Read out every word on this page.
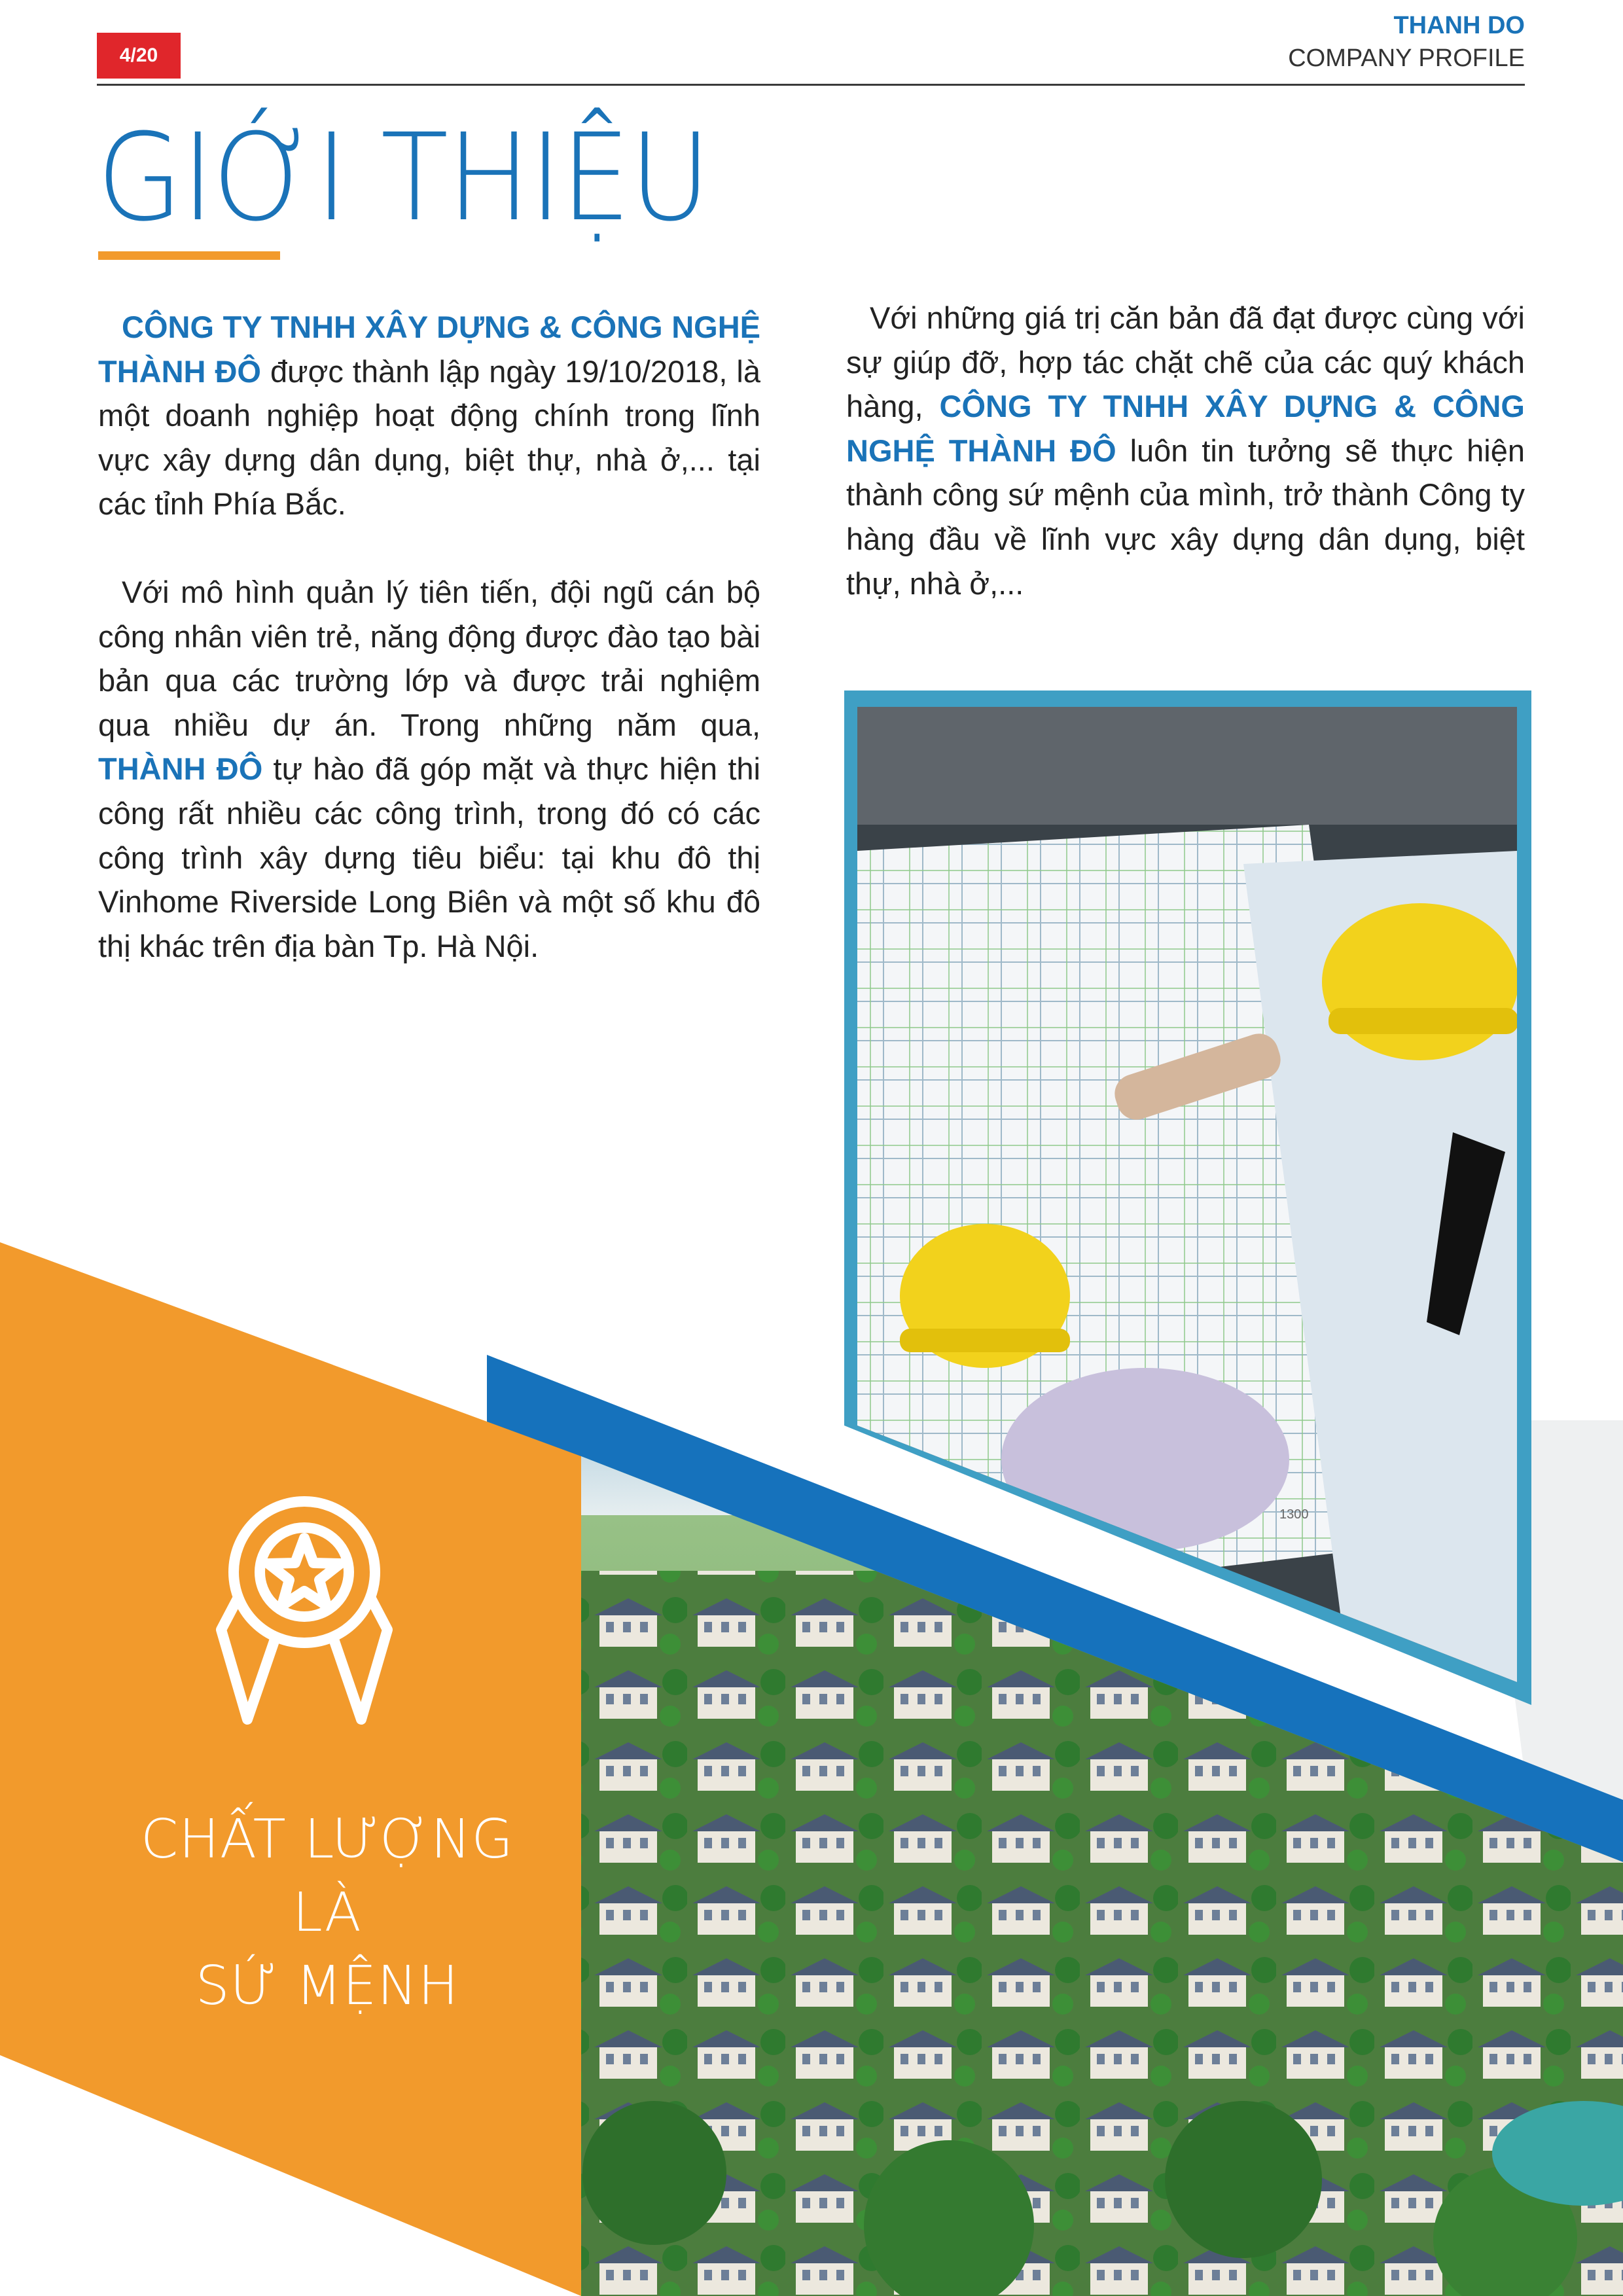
4/20
THANH DO
COMPANY PROFILE
GIỚI THIỆU

CÔNG TY TNHH XÂY DỰNG & CÔNG NGHỆ THÀNH ĐÔ được thành lập ngày 19/10/2018, là một doanh nghiệp hoạt động chính trong lĩnh vực xây dựng dân dụng, biệt thự, nhà ở,... tại các tỉnh Phía Bắc.

Với mô hình quản lý tiên tiến, đội ngũ cán bộ công nhân viên trẻ, năng động được đào tạo bài bản qua các trường lớp và được trải nghiệm qua nhiều dự án. Trong những năm qua, THÀNH ĐÔ tự hào đã góp mặt và thực hiện thi công rất nhiều các công trình, trong đó có các công trình xây dựng tiêu biểu: tại khu đô thị Vinhome Riverside Long Biên và một số khu đô thị khác trên địa bàn Tp. Hà Nội.

Với những giá trị căn bản đã đạt được cùng với sự giúp đỡ, hợp tác chặt chẽ của các quý khách hàng, CÔNG TY TNHH XÂY DỰNG & CÔNG NGHỆ THÀNH ĐÔ luôn tin tưởng sẽ thực hiện thành công sứ mệnh của mình, trở thành Công ty hàng đầu về lĩnh vực xây dựng dân dụng, biệt thự, nhà ở,...

1300
CHẤT LƯỢNG
LÀ
SỨ MỆNH
